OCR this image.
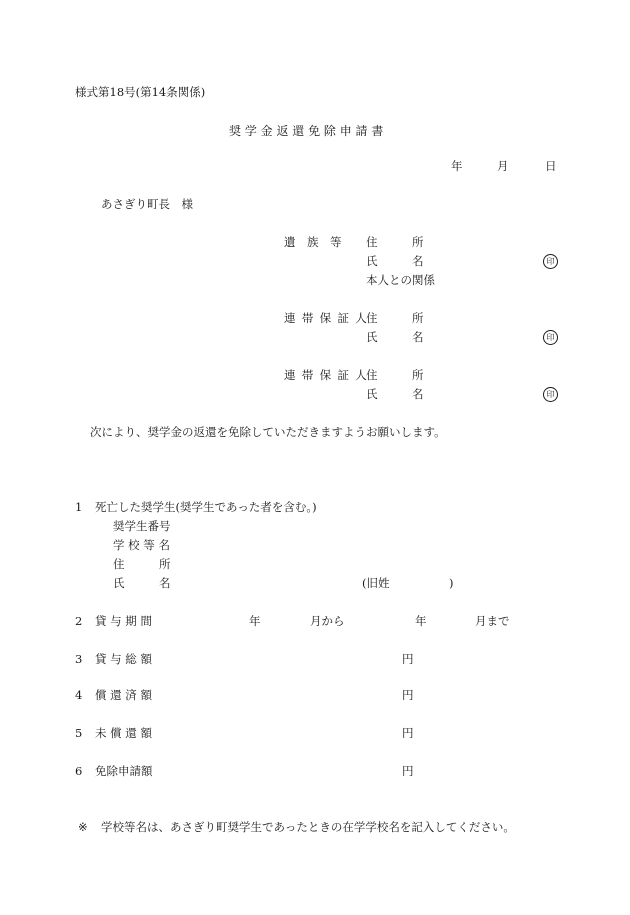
様式第18号(第14条関係)
奨 学 金 返 還 免 除 申 請 書
年	月	日
あさぎり町長　様
遺　族　等 住　　　所
氏　　　名	印
本人との関係
連帯保証人
住　　　所
氏　　　名	印
連帯保証人
住　　　所
氏　　　名	印
次により、奨学金の返還を免除していただきますようお願いします。
1 死亡した奨学生(奨学生であった者を含む。)
奨学生番号
学 校 等 名
住　　　所
氏　　　名	(旧姓	)
2 貸 与 期 間	年	月から	年	月まで
3 貸 与 総 額	円
4 償 還 済 額	円
5 未 償 還 額	円
6 免除申請額	円
※ 学校等名は、あさぎり町奨学生であったときの在学学校名を記入してください。
